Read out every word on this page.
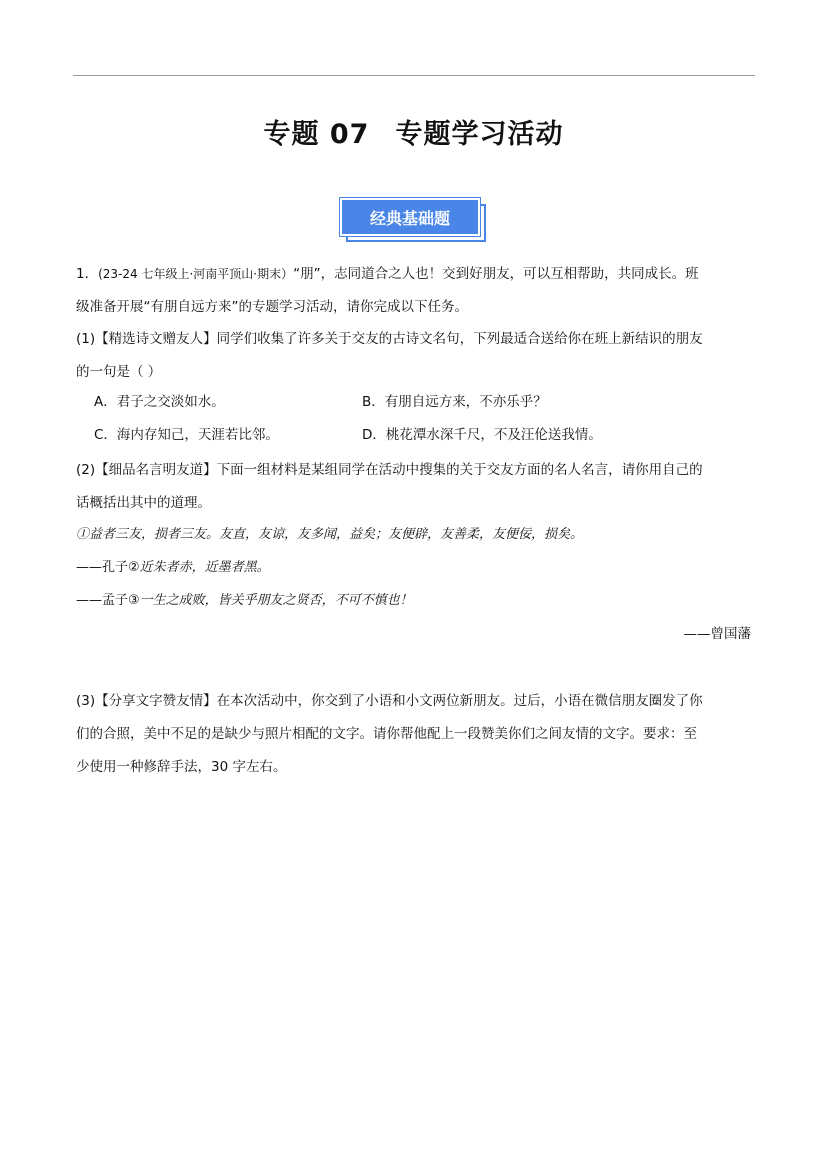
专题 07 专题学习活动
经典基础题
1．(23-24 七年级上·河南平顶山·期末）“朋”，志同道合之人也！交到好朋友，可以互相帮助，共同成长。班
级准备开展“有朋自远方来”的专题学习活动，请你完成以下任务。
(1)【精选诗文赠友人】同学们收集了许多关于交友的古诗文名句，下列最适合送给你在班上新结识的朋友
的一句是（ ）
A．君子之交淡如水。	B．有朋自远方来，不亦乐乎？
C．海内存知己，天涯若比邻。	D．桃花潭水深千尺，不及汪伦送我情。
(2)【细品名言明友道】下面一组材料是某组同学在活动中搜集的关于交友方面的名人名言，请你用自己的
话概括出其中的道理。
①益者三友，损者三友。友直，友谅，友多闻，益矣；友便辟，友善柔，友便佞，损矣。
——孔子②近朱者赤，近墨者黑。
——孟子③一生之成败，皆关乎朋友之贤否，不可不慎也！
——曾国藩
(3)【分享文字赞友情】在本次活动中，你交到了小语和小文两位新朋友。过后，小语在微信朋友圈发了你
们的合照，美中不足的是缺少与照片相配的文字。请你帮他配上一段赞美你们之间友情的文字。要求：至
少使用一种修辞手法，30 字左右。
